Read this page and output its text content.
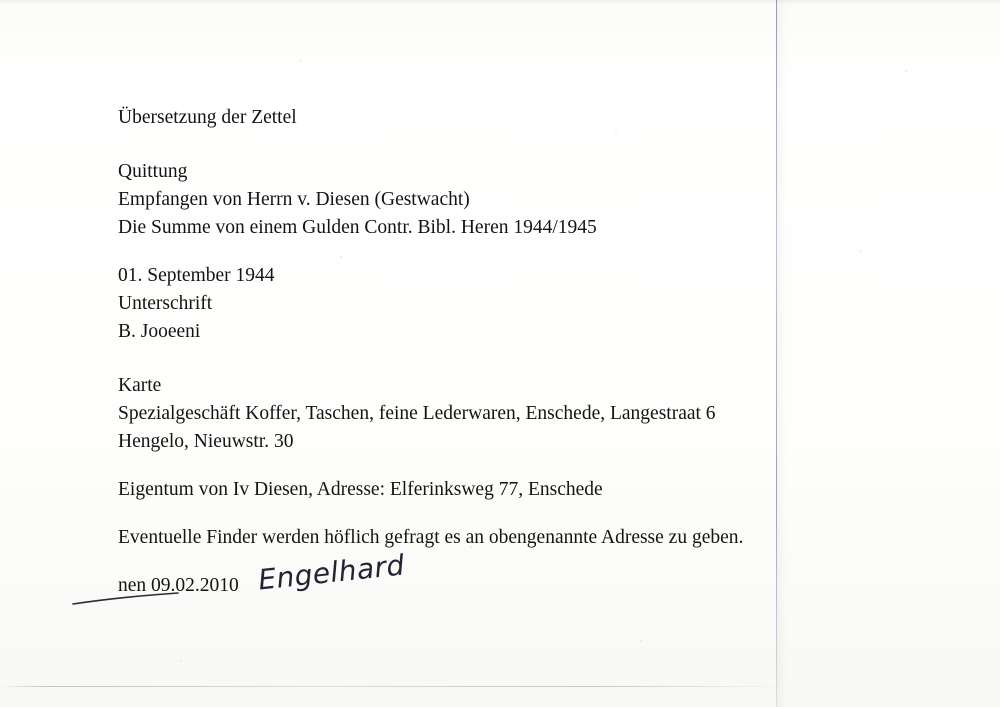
Übersetzung der Zettel
Quittung
Empfangen von Herrn v. Diesen (Gestwacht)
Die Summe von einem Gulden Contr. Bibl. Heren 1944/1945
01. September 1944
Unterschrift
B. Jooeeni
Karte
Spezialgeschäft Koffer, Taschen, feine Lederwaren, Enschede, Langestraat 6
Hengelo, Nieuwstr. 30
Eigentum von Iv Diesen, Adresse: Elferinksweg 77, Enschede
Eventuelle Finder werden höflich gefragt es an obengenannte Adresse zu geben.
nen 09.02.2010 Engelhard
